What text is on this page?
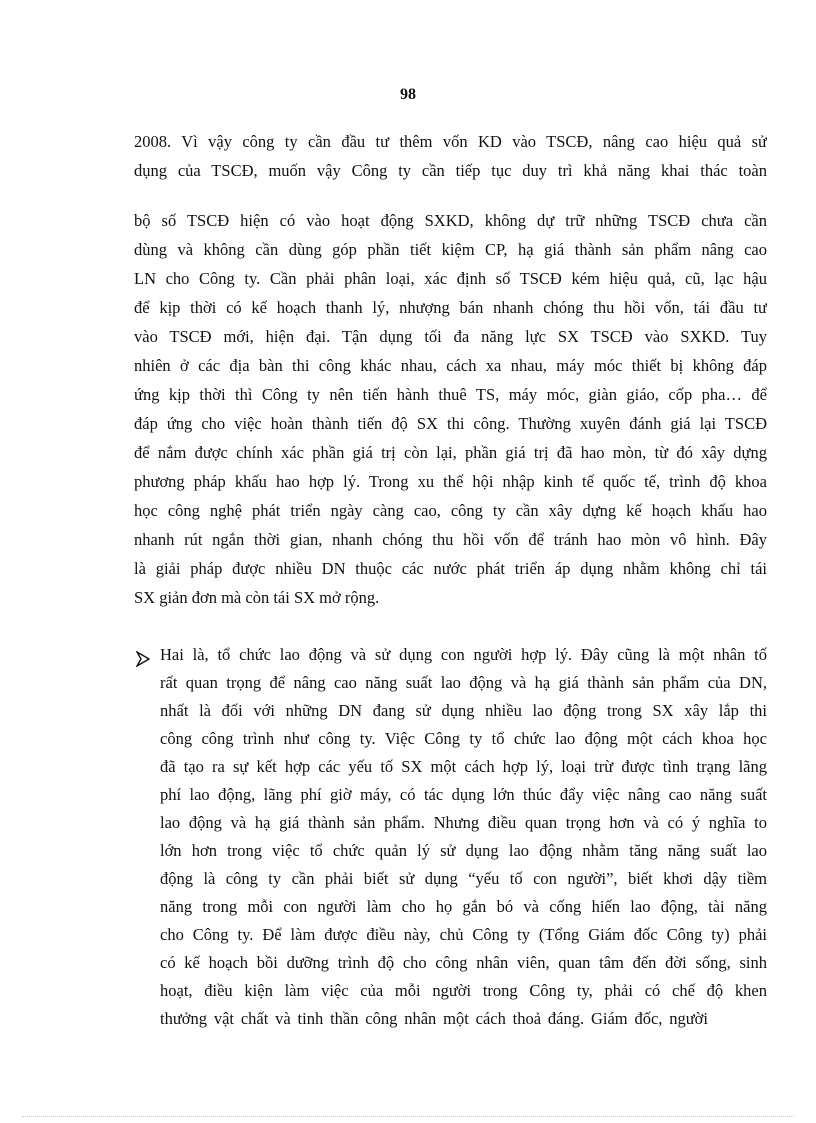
98
2008. Vì vậy công ty cần đầu tư thêm vốn KD vào TSCĐ, nâng cao hiệu quả sử
dụng của TSCĐ, muốn vậy Công ty cần tiếp tục duy trì khả năng khai thác toàn
bộ số TSCĐ hiện có vào hoạt động SXKD, không dự trữ những TSCĐ chưa cần
dùng và không cần dùng góp phần tiết kiệm CP, hạ giá thành sản phẩm nâng cao
LN cho Công ty. Cần phải phân loại, xác định số TSCĐ kém hiệu quả, cũ, lạc hậu
để kịp thời có kế hoạch thanh lý, nhượng bán nhanh chóng thu hồi vốn, tái đầu tư
vào TSCĐ mới, hiện đại. Tận dụng tối đa năng lực SX TSCĐ vào SXKD. Tuy
nhiên ở các địa bàn thi công khác nhau, cách xa nhau, máy móc thiết bị không đáp
ứng kịp thời thì Công ty nên tiến hành thuê TS, máy móc, giàn giáo, cốp pha… để
đáp ứng cho việc hoàn thành tiến độ SX thi công. Thường xuyên đánh giá lại TSCĐ
để nắm được chính xác phần giá trị còn lại, phần giá trị đã hao mòn, từ đó xây dựng
phương pháp khấu hao hợp lý. Trong xu thế hội nhập kinh tế quốc tế, trình độ khoa
học công nghệ phát triển ngày càng cao, công ty cần xây dựng kế hoạch khấu hao
nhanh rút ngắn thời gian, nhanh chóng thu hồi vốn để tránh hao mòn vô hình. Đây
là giải pháp được nhiều DN thuộc các nước phát triển áp dụng nhằm không chỉ tái
SX giản đơn mà còn tái SX mở rộng.
Hai là, tổ chức lao động và sử dụng con người hợp lý. Đây cũng là một nhân tố
rất quan trọng để nâng cao năng suất lao động và hạ giá thành sản phẩm của DN,
nhất là đối với những DN đang sử dụng nhiều lao động trong SX xây lắp thi
công công trình như công ty. Việc Công ty tổ chức lao động một cách khoa học
đã tạo ra sự kết hợp các yếu tố SX một cách hợp lý, loại trừ được tình trạng lãng
phí lao động, lãng phí giờ máy, có tác dụng lớn thúc đẩy việc nâng cao năng suất
lao động và hạ giá thành sản phẩm. Nhưng điều quan trọng hơn và có ý nghĩa to
lớn hơn trong việc tổ chức quản lý sử dụng lao động nhằm tăng năng suất lao
động là công ty cần phải biết sử dụng “yếu tố con người”, biết khơi dậy tiềm
năng trong mỗi con người làm cho họ gắn bó và cống hiến lao động, tài năng
cho Công ty. Để làm được điều này, chủ Công ty (Tổng Giám đốc Công ty) phải
có kế hoạch bồi dưỡng trình độ cho công nhân viên, quan tâm đến đời sống, sinh
hoạt, điều kiện làm việc của mỗi người trong Công ty, phải có chế độ khen
thưởng vật chất và tinh thần công nhân một cách thoả đáng. Giám đốc, người
